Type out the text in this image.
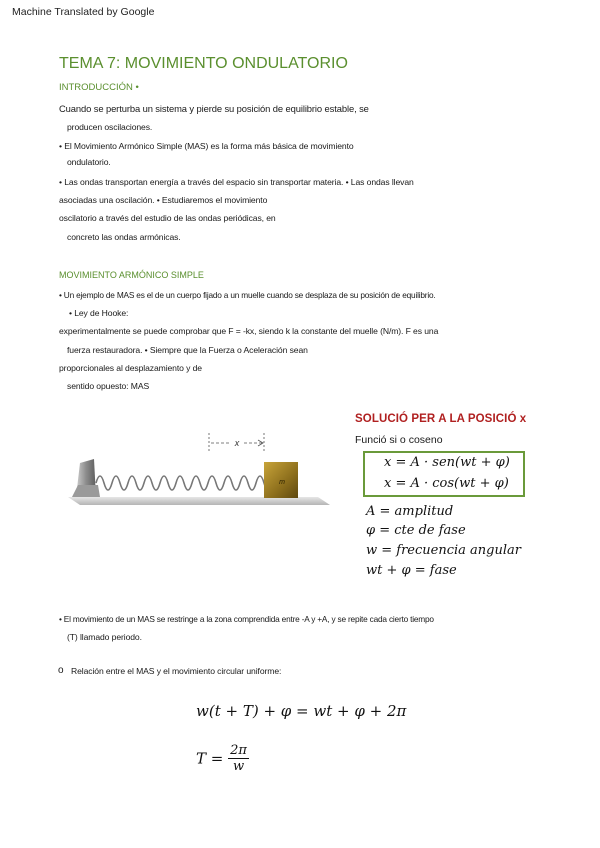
Machine Translated by Google
TEMA 7: MOVIMIENTO ONDULATORIO
INTRODUCCIÓN •
Cuando se perturba un sistema y pierde su posición de equilibrio estable, se
producen oscilaciones.
• El Movimiento Armónico Simple (MAS) es la forma más básica de movimiento
ondulatorio.
• Las ondas transportan energía a través del espacio sin transportar materia. • Las ondas llevan
asociadas una oscilación. • Estudiaremos el movimiento
oscilatorio a través del estudio de las ondas periódicas, en
concreto las ondas armónicas.
MOVIMIENTO ARMÓNICO SIMPLE
• Un ejemplo de MAS es el de un cuerpo fijado a un muelle cuando se desplaza de su posición de equilibrio.
• Ley de Hooke:
experimentalmente se puede comprobar que F = -kx, siendo k la constante del muelle (N/m). F es una
fuerza restauradora. • Siempre que la Fuerza o Aceleración sean
proporcionales al desplazamiento y de
sentido opuesto: MAS
m
x
SOLUCIÓ PER A LA POSICIÓ x
Funció si o coseno
x = A · sen(wt + φ)
x = A · cos(wt + φ)
A = amplitud
φ = cte de fase
w = frecuencia angular
wt + φ = fase
• El movimiento de un MAS se restringe a la zona comprendida entre -A y +A, y se repite cada cierto tiempo
(T) llamado periodo.
o Relación entre el MAS y el movimiento circular uniforme:
w(t + T) + φ = wt + φ + 2π
$T = \frac{2\pi}{w}$
